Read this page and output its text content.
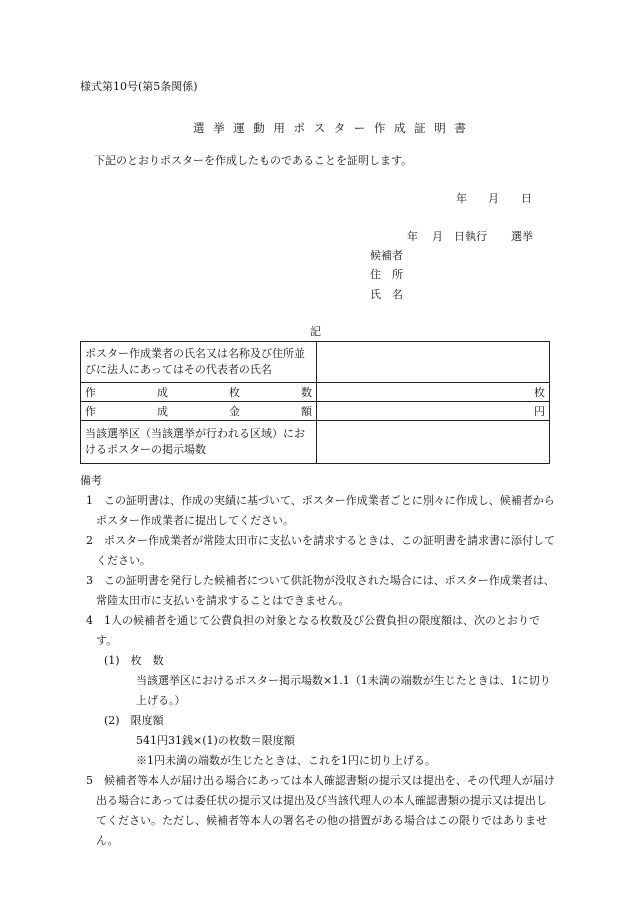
様式第10号(第5条関係)
選挙運動用ポスター作成証明書
下記のとおりポスターを作成したものであることを証明します。
年 月 日
年 月 日執行 選挙
候補者
住　所
氏　名
記
ポスター作成業者の氏名又は名称及び住所並びに法人にあってはその代表者の氏名	

作 成 枚 数	枚

作 成 金 額	円

当該選挙区（当該選挙が行われる区域）におけるポスターの掲示場数	

備考

1　この証明書は、作成の実績に基づいて、ポスター作成業者ごとに別々に作成し、候補者からポスター作成業者に提出してください。

2　ポスター作成業者が常陸太田市に支払いを請求するときは、この証明書を請求書に添付してください。

3　この証明書を発行した候補者について供託物が没収された場合には、ポスター作成業者は、常陸太田市に支払いを請求することはできません。

4　1人の候補者を通じて公費負担の対象となる枚数及び公費負担の限度額は、次のとおりです。

(1)　枚　数

当該選挙区におけるポスター掲示場数×1.1（1未満の端数が生じたときは、1に切り上げる。）

(2)　限度額

541円31銭×(1)の枚数＝限度額

※1円未満の端数が生じたときは、これを1円に切り上げる。

5　候補者等本人が届け出る場合にあっては本人確認書類の提示又は提出を、その代理人が届け出る場合にあっては委任状の提示又は提出及び当該代理人の本人確認書類の提示又は提出してください。ただし、候補者等本人の署名その他の措置がある場合はこの限りではありません。
